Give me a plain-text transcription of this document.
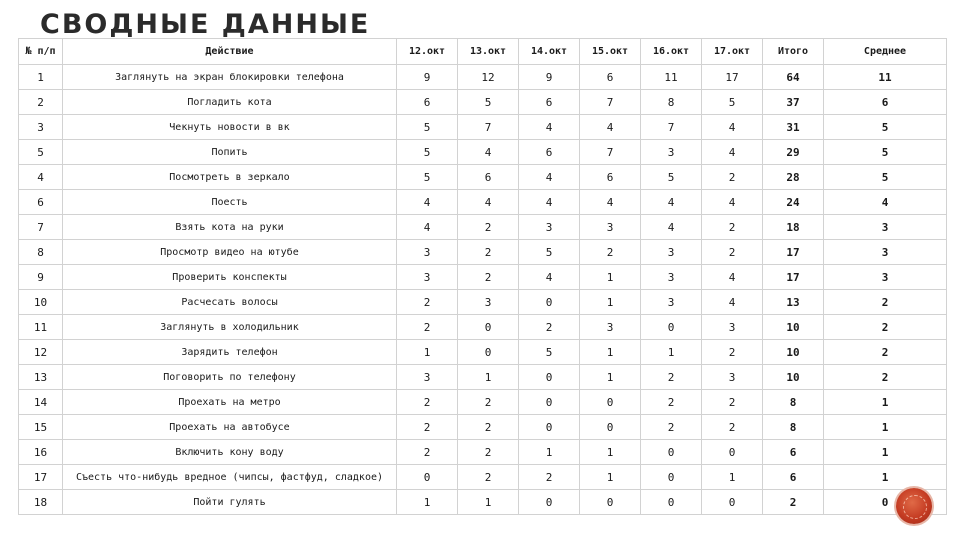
СВОДНЫЕ ДАННЫЕ
№ п/п	Действие	12.окт	13.окт	14.окт	15.окт	16.окт	17.окт	Итого	Среднее
1	Заглянуть на экран блокировки телефона	9	12	9	6	11	17	64	11
2	Погладить кота	6	5	6	7	8	5	37	6
3	Чекнуть новости в вк	5	7	4	4	7	4	31	5
5	Попить	5	4	6	7	3	4	29	5
4	Посмотреть в зеркало	5	6	4	6	5	2	28	5
6	Поесть	4	4	4	4	4	4	24	4
7	Взять кота на руки	4	2	3	3	4	2	18	3
8	Просмотр видео на ютубе	3	2	5	2	3	2	17	3
9	Проверить конспекты	3	2	4	1	3	4	17	3
10	Расчесать волосы	2	3	0	1	3	4	13	2
11	Заглянуть в холодильник	2	0	2	3	0	3	10	2
12	Зарядить телефон	1	0	5	1	1	2	10	2
13	Поговорить по телефону	3	1	0	1	2	3	10	2
14	Проехать на метро	2	2	0	0	2	2	8	1
15	Проехать на автобусе	2	2	0	0	2	2	8	1
16	Включить кону воду	2	2	1	1	0	0	6	1
17	Съесть что-нибудь вредное (чипсы, фастфуд, сладкое)	0	2	2	1	0	1	6	1
18	Пойти гулять	1	1	0	0	0	0	2	0
